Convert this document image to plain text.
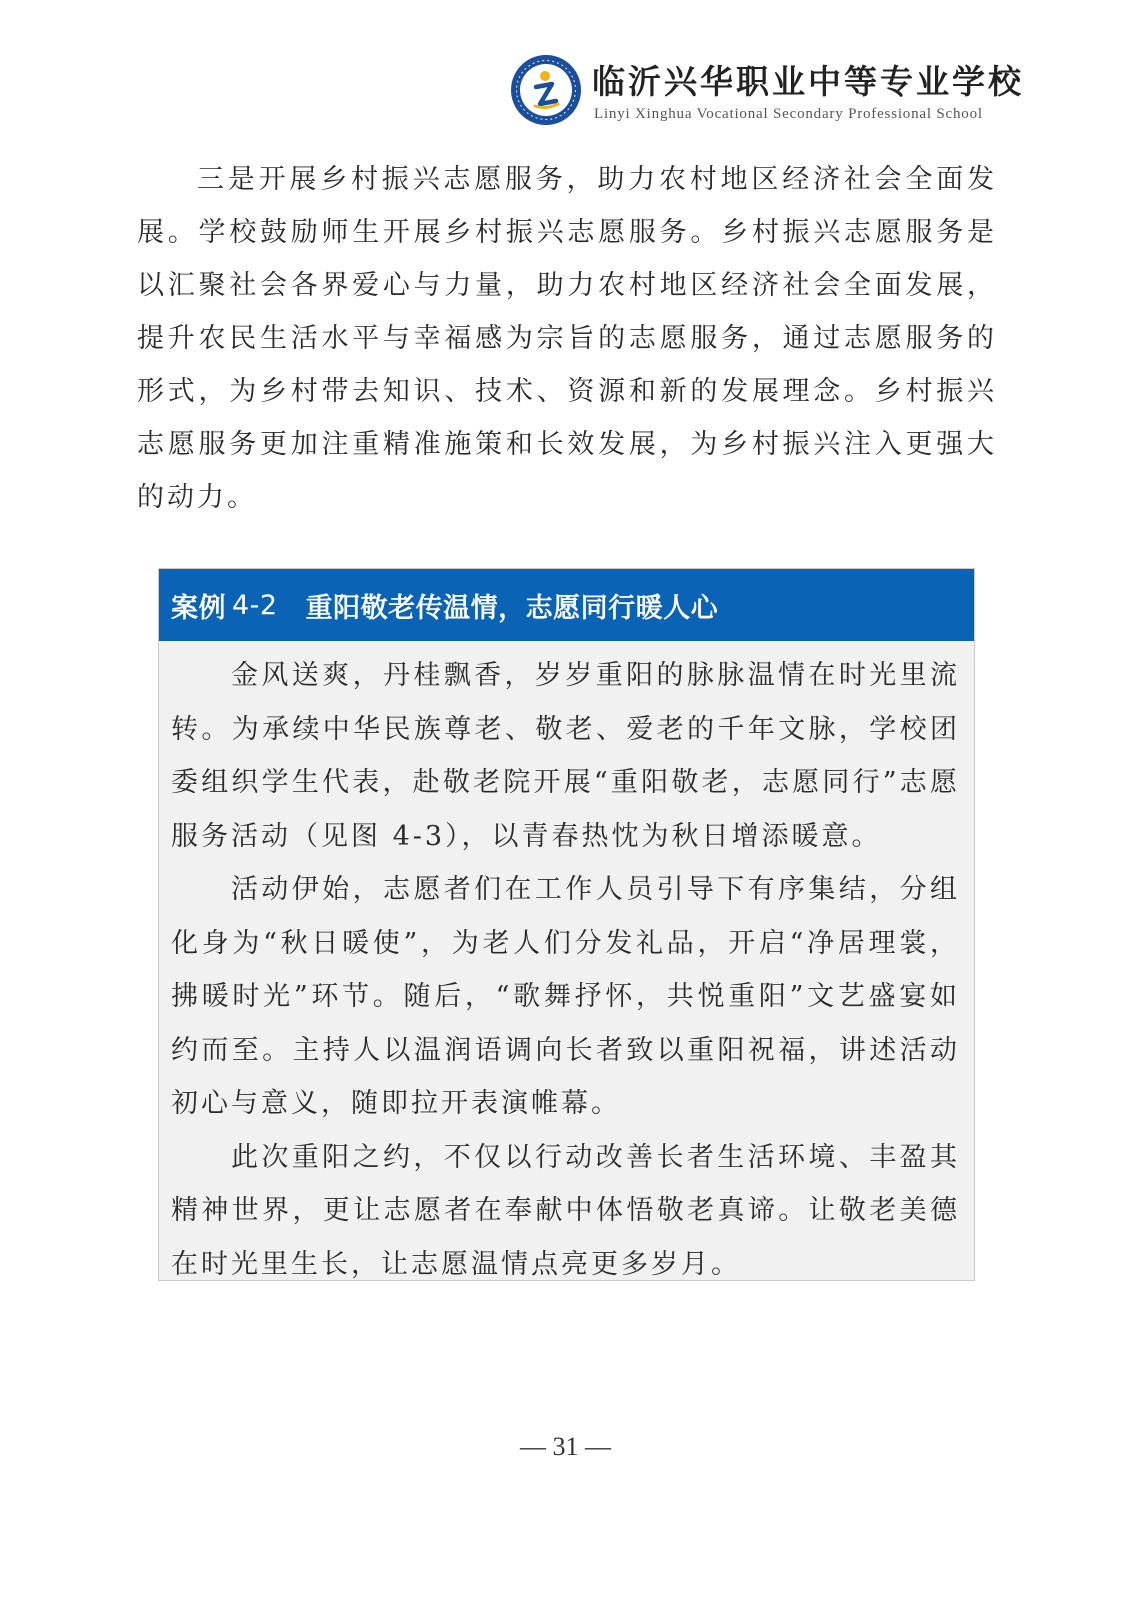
临沂兴华职业中等专业学校
Linyi Xinghua Vocational Secondary Professional School

三是开展乡村振兴志愿服务，助力农村地区经济社会全面发展。学校鼓励师生开展乡村振兴志愿服务。乡村振兴志愿服务是以汇聚社会各界爱心与力量，助力农村地区经济社会全面发展，提升农民生活水平与幸福感为宗旨的志愿服务，通过志愿服务的形式，为乡村带去知识、技术、资源和新的发展理念。乡村振兴志愿服务更加注重精准施策和长效发展，为乡村振兴注入更强大的动力。

案例 4-2 重阳敬老传温情，志愿同行暖人心

金风送爽，丹桂飘香，岁岁重阳的脉脉温情在时光里流转。为承续中华民族尊老、敬老、爱老的千年文脉，学校团委组织学生代表，赴敬老院开展“重阳敬老，志愿同行”志愿服务活动（见图 4-3），以青春热忱为秋日增添暖意。

活动伊始，志愿者们在工作人员引导下有序集结，分组化身为“秋日暖使”，为老人们分发礼品，开启“净居理裳，拂暖时光”环节。随后，“歌舞抒怀，共悦重阳”文艺盛宴如约而至。主持人以温润语调向长者致以重阳祝福，讲述活动初心与意义，随即拉开表演帷幕。

此次重阳之约，不仅以行动改善长者生活环境、丰盈其精神世界，更让志愿者在奉献中体悟敬老真谛。让敬老美德在时光里生长，让志愿温情点亮更多岁月。

— 31 —
